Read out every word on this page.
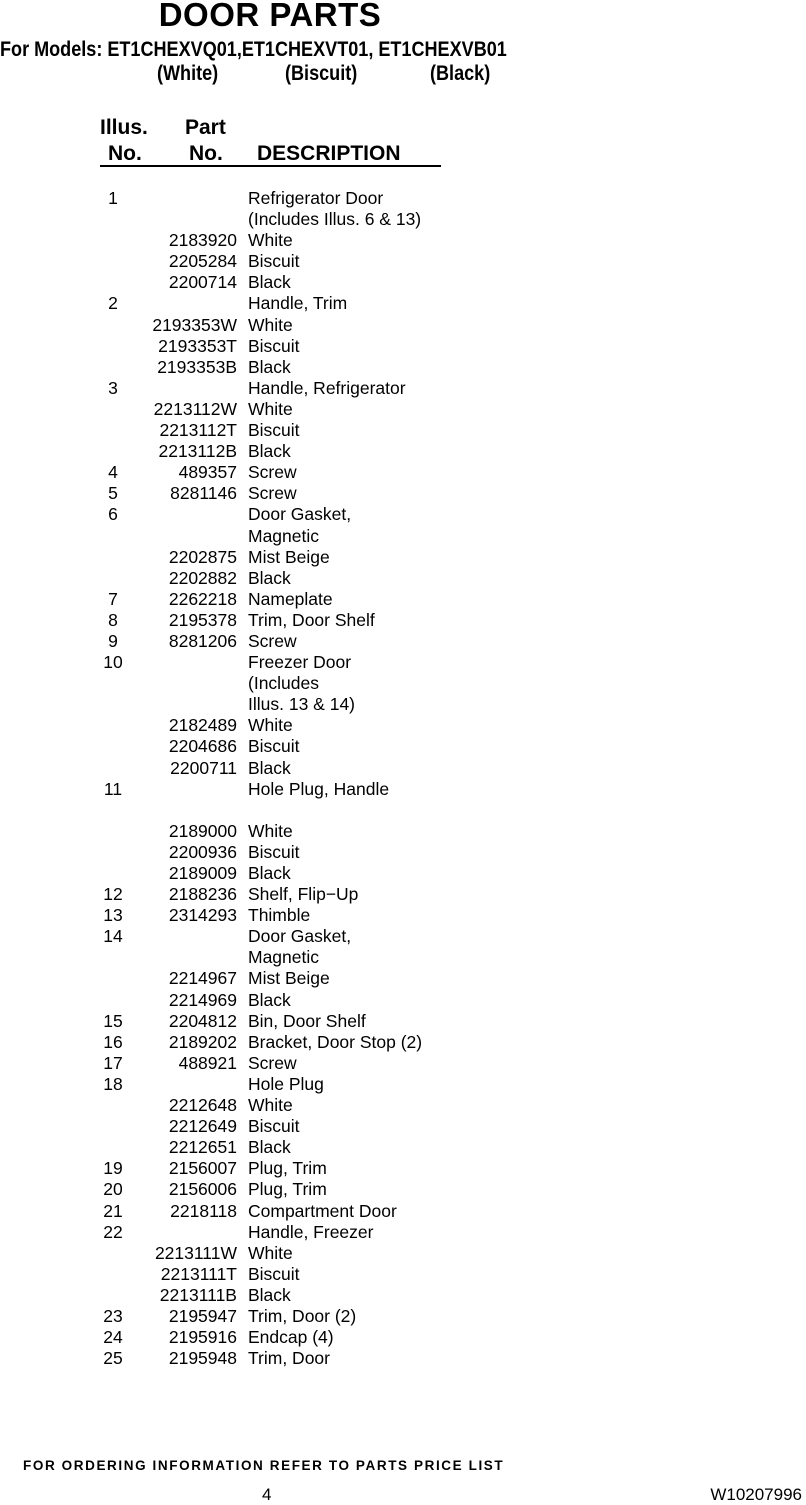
DOOR PARTS
For Models: ET1CHEXVQ01,ET1CHEXVT01, ET1CHEXVB01
(White)	(Biscuit)	(Black)
Illus.
No.
Part
No. DESCRIPTION
1	Refrigerator Door
(Includes Illus. 6 & 13)
2183920 White
2205284 Biscuit
2200714 Black
2	Handle, Trim
2193353W White
2193353T Biscuit
2193353B Black
3	Handle, Refrigerator
2213112W White
2213112T Biscuit
2213112B Black
4	489357 Screw
5	8281146 Screw
6	Door Gasket,
Magnetic
2202875 Mist Beige
2202882 Black
7	2262218 Nameplate
8	2195378 Trim, Door Shelf
9	8281206 Screw
10	Freezer Door
(Includes
Illus. 13 & 14)
2182489 White
2204686 Biscuit
2200711 Black
11	Hole Plug, Handle
2189000 White
2200936 Biscuit
2189009 Black
12	2188236 Shelf, Flip−Up
13	2314293 Thimble
14	Door Gasket,
Magnetic
2214967 Mist Beige
2214969 Black
15	2204812 Bin, Door Shelf
16	2189202 Bracket, Door Stop (2)
17	488921 Screw
18	Hole Plug
2212648 White
2212649 Biscuit
2212651 Black
19	2156007 Plug, Trim
20	2156006 Plug, Trim
21	2218118 Compartment Door
22	Handle, Freezer
2213111W White
2213111T Biscuit
2213111B Black
23	2195947 Trim, Door (2)
24	2195916 Endcap (4)
25	2195948 Trim, Door
FOR ORDERING INFORMATION REFER TO PARTS PRICE LIST
4	W10207996
